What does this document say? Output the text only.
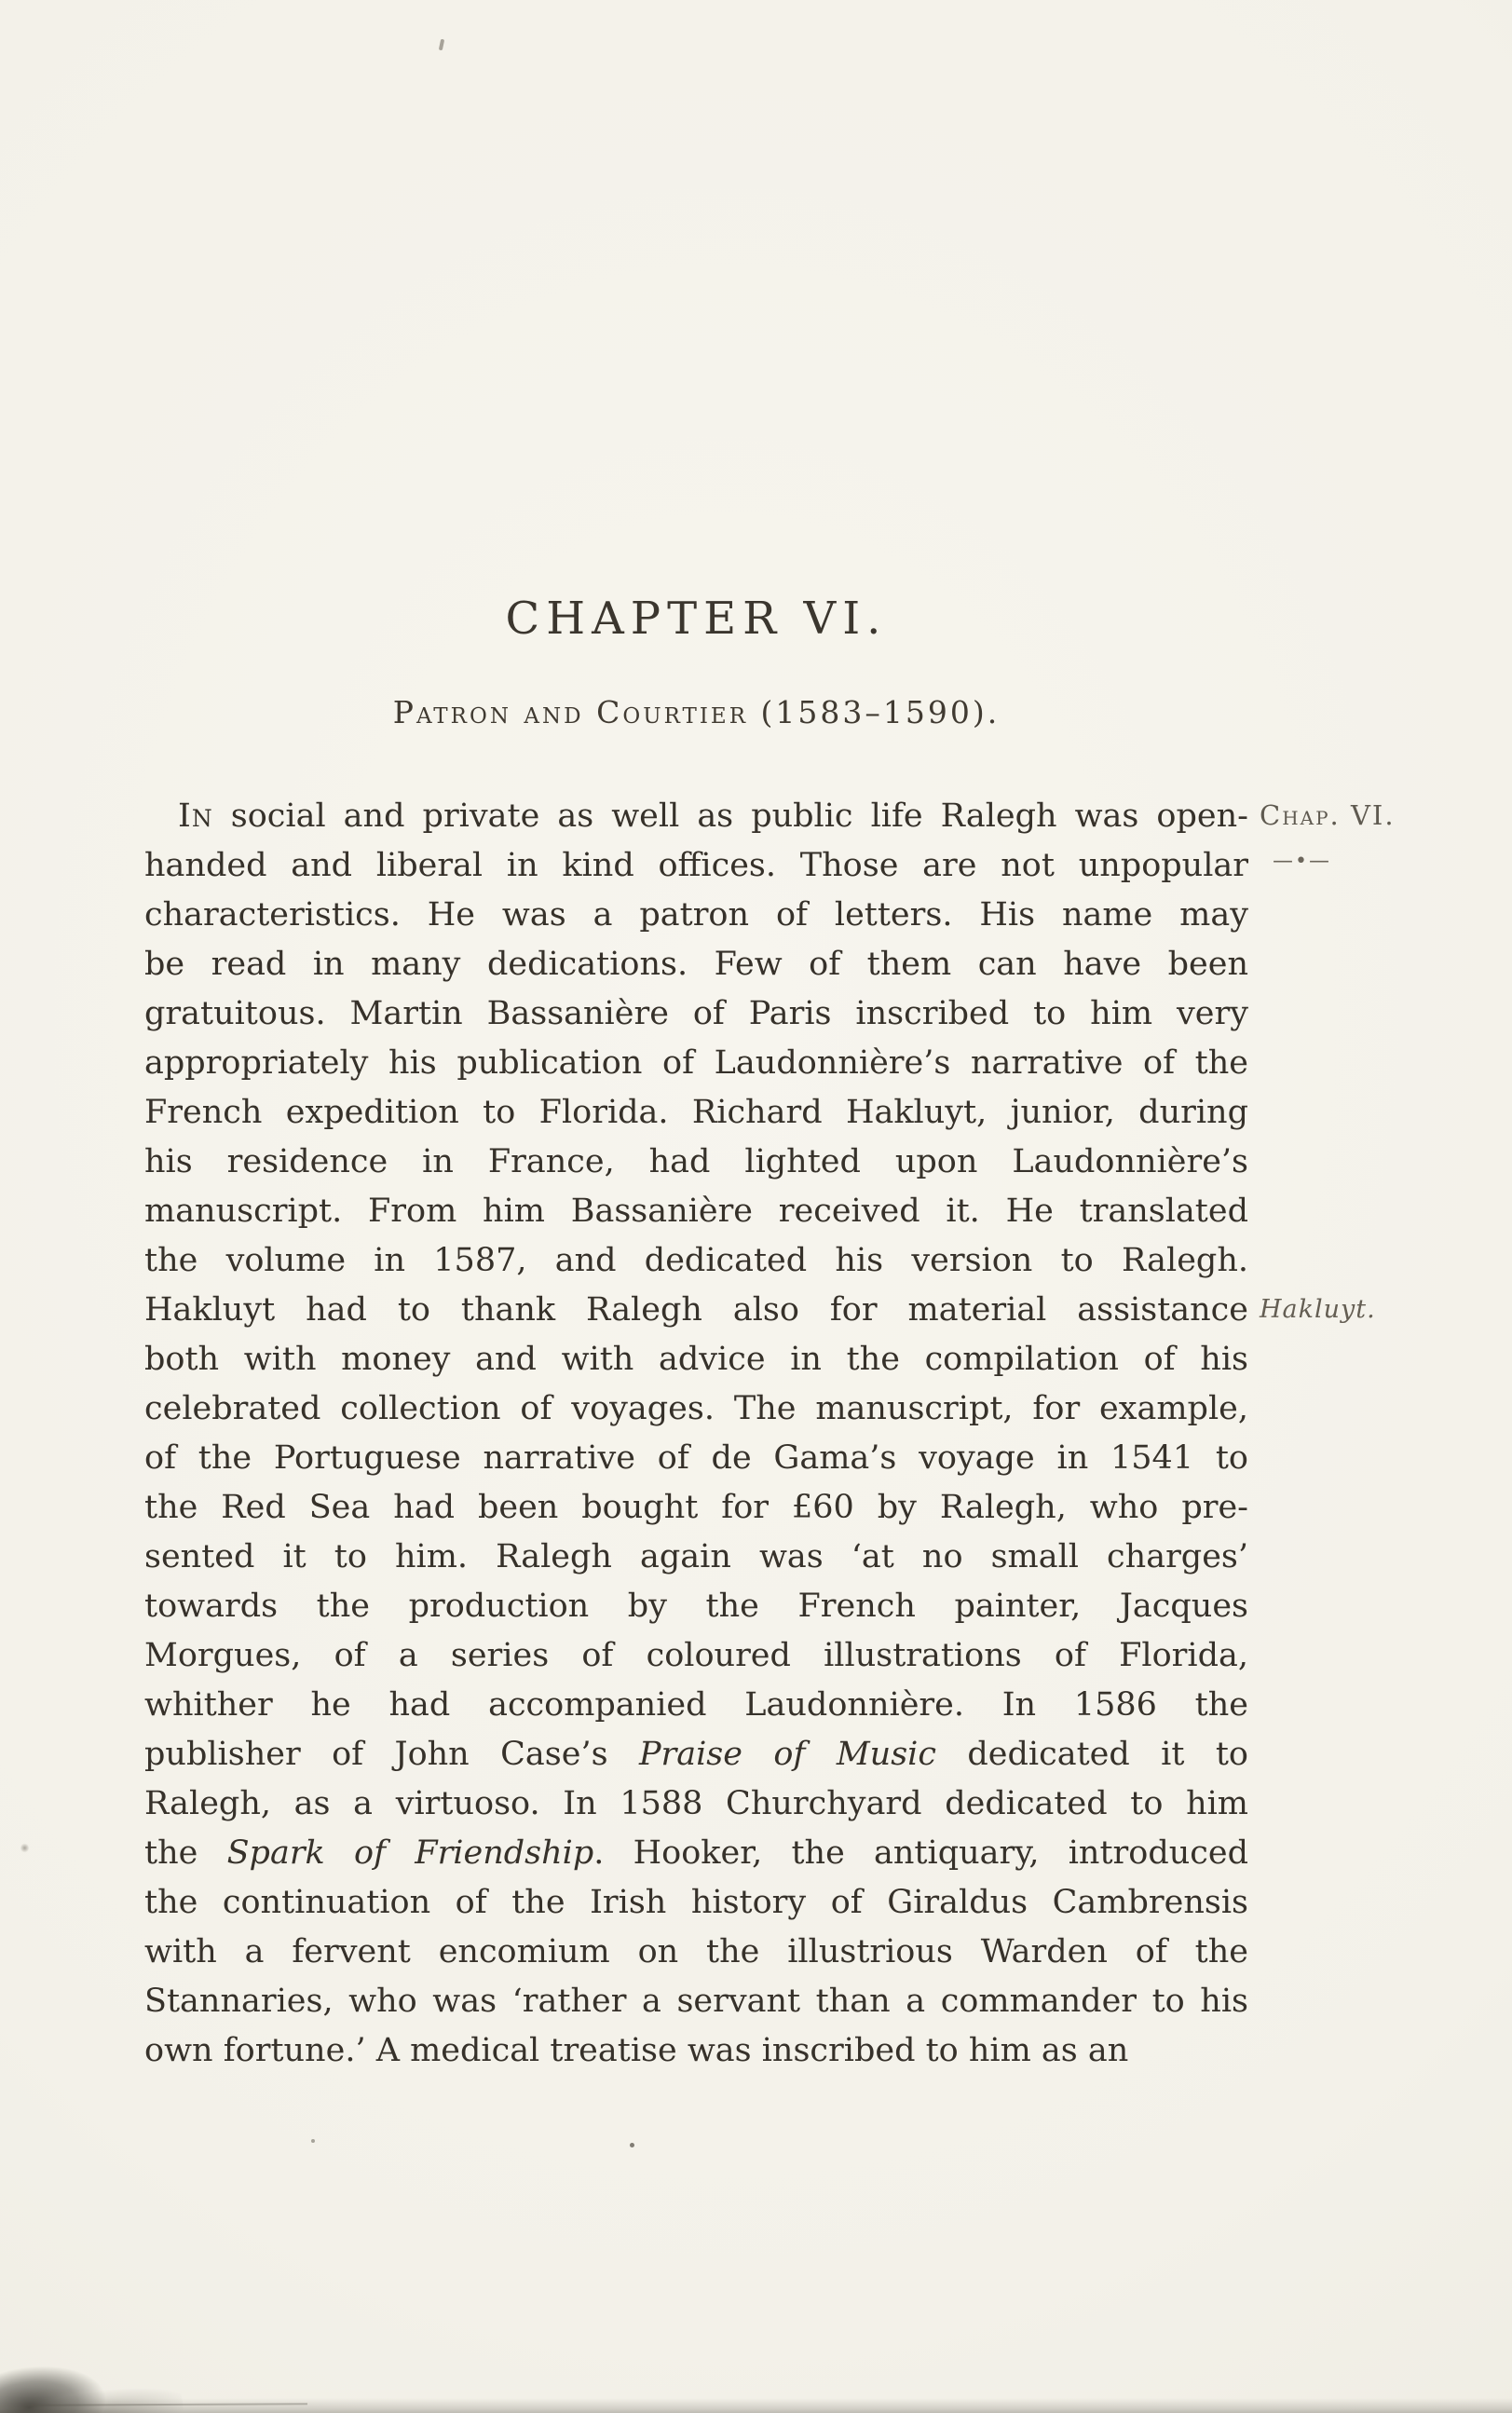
CHAPTER VI.
Patron and Courtier (1583–1590).
In social and private as well as public life Ralegh was open-
handed and liberal in kind offices. Those are not unpopular
characteristics. He was a patron of letters. His name may
be read in many dedications. Few of them can have been
gratuitous. Martin Bassanière of Paris inscribed to him very
appropriately his publication of Laudonnière’s narrative of the
French expedition to Florida. Richard Hakluyt, junior, during
his residence in France, had lighted upon Laudonnière’s
manuscript. From him Bassanière received it. He translated
the volume in 1587, and dedicated his version to Ralegh.
Hakluyt had to thank Ralegh also for material assistance
both with money and with advice in the compilation of his
celebrated collection of voyages. The manuscript, for example,
of the Portuguese narrative of de Gama’s voyage in 1541 to
the Red Sea had been bought for £60 by Ralegh, who pre-
sented it to him. Ralegh again was ‘at no small charges’
towards the production by the French painter, Jacques
Morgues, of a series of coloured illustrations of Florida,
whither he had accompanied Laudonnière. In 1586 the
publisher of John Case’s Praise of Music dedicated it to
Ralegh, as a virtuoso. In 1588 Churchyard dedicated to him
the Spark of Friendship. Hooker, the antiquary, introduced
the continuation of the Irish history of Giraldus Cambrensis
with a fervent encomium on the illustrious Warden of the
Stannaries, who was ‘rather a servant than a commander to his
own fortune.’ A medical treatise was inscribed to him as an
Chap. VI.
—•—
Hakluyt.
